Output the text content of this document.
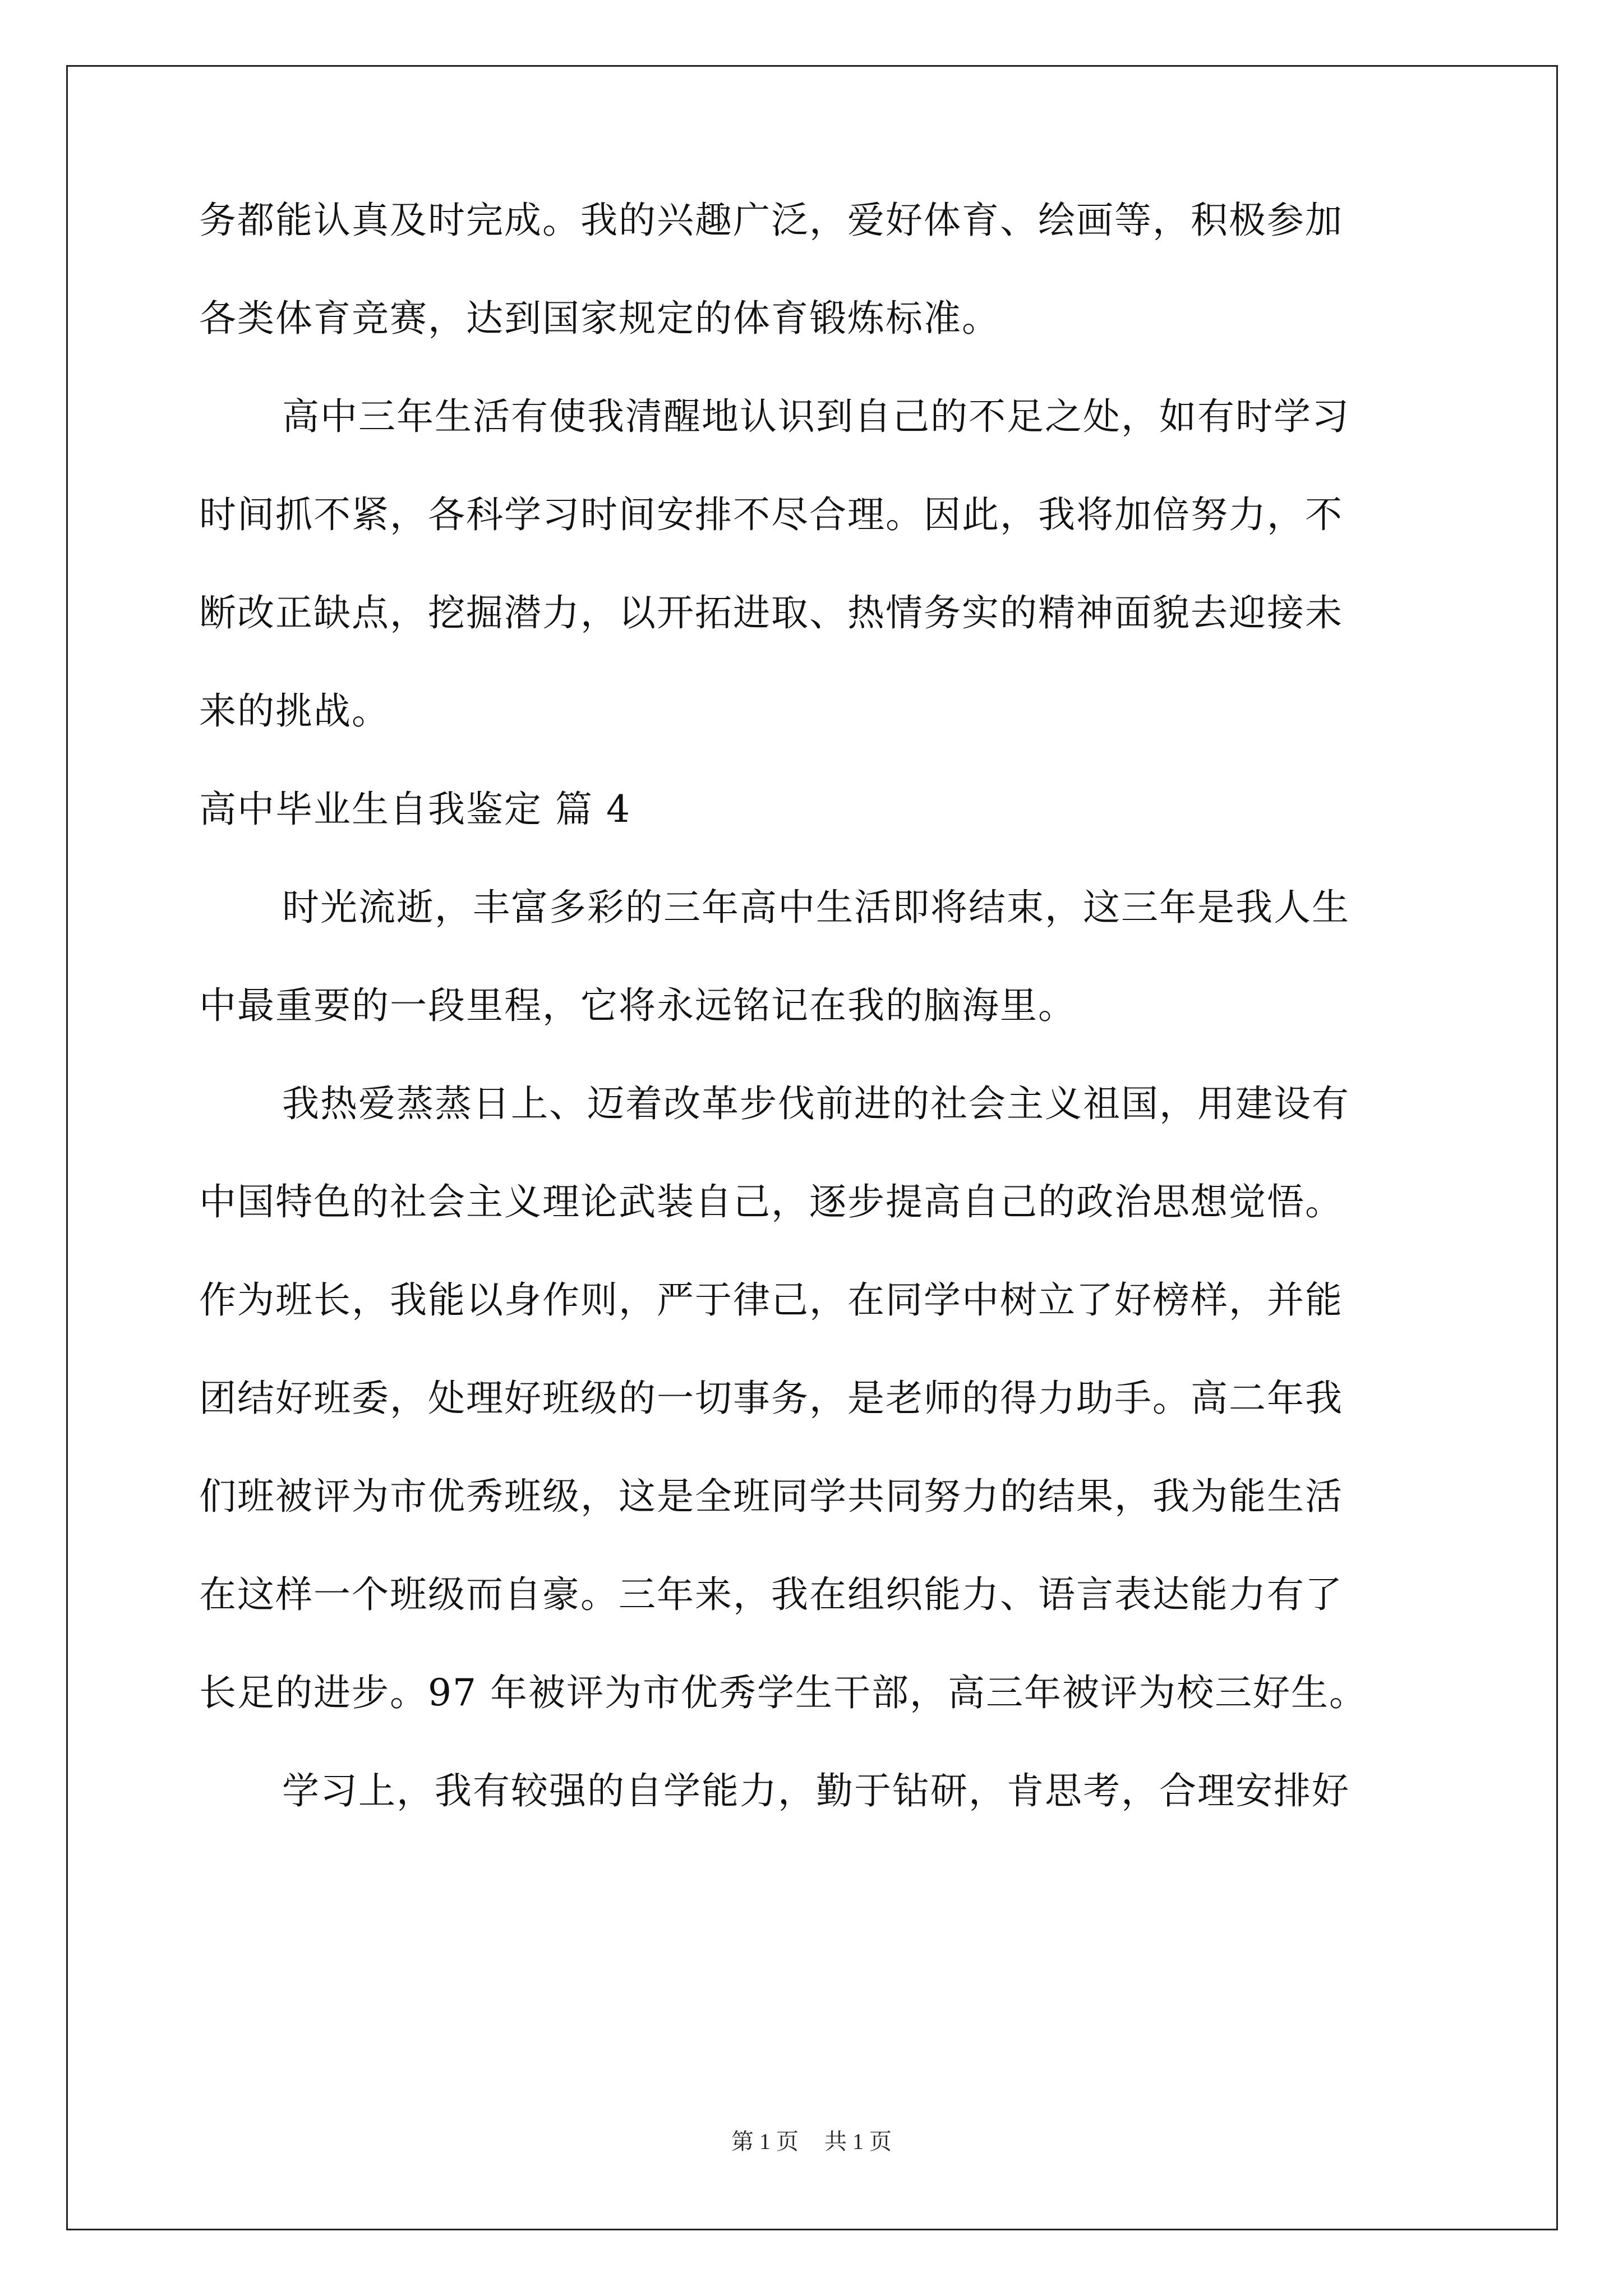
务都能认真及时完成。我的兴趣广泛，爱好体育、绘画等，积极参加
各类体育竞赛，达到国家规定的体育锻炼标准。
高中三年生活有使我清醒地认识到自己的不足之处，如有时学习
时间抓不紧，各科学习时间安排不尽合理。因此，我将加倍努力，不
断改正缺点，挖掘潜力，以开拓进取、热情务实的精神面貌去迎接未
来的挑战。
高中毕业生自我鉴定 篇 4
时光流逝，丰富多彩的三年高中生活即将结束，这三年是我人生
中最重要的一段里程，它将永远铭记在我的脑海里。
我热爱蒸蒸日上、迈着改革步伐前进的社会主义祖国，用建设有
中国特色的社会主义理论武装自己，逐步提高自己的政治思想觉悟。
作为班长，我能以身作则，严于律己，在同学中树立了好榜样，并能
团结好班委，处理好班级的一切事务，是老师的得力助手。高二年我
们班被评为市优秀班级，这是全班同学共同努力的结果，我为能生活
在这样一个班级而自豪。三年来，我在组织能力、语言表达能力有了
长足的进步。97 年被评为市优秀学生干部，高三年被评为校三好生。
学习上，我有较强的自学能力，勤于钻研，肯思考，合理安排好
第 1 页 共 1 页
